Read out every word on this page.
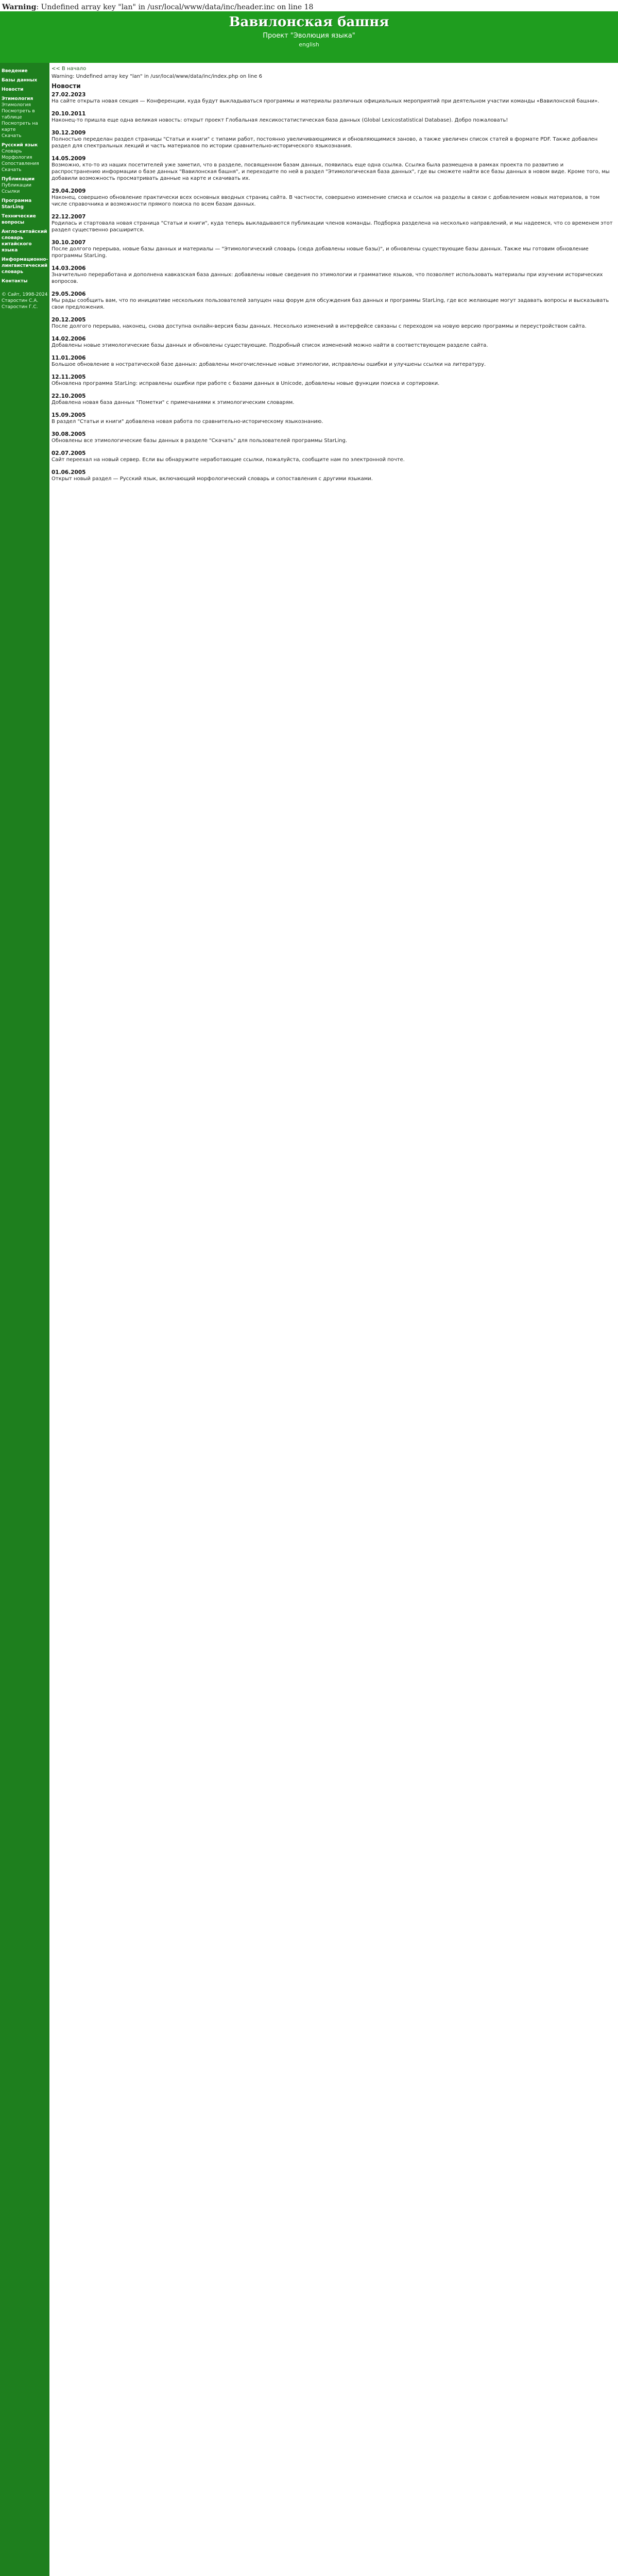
Warning: Undefined array key "lan" in /usr/local/www/data/inc/header.inc on line 18
Вавилонская башня
Проект "Эволюция языка"
english
Введение
Базы данных
Новости
Этимология
Этимология
Посмотреть в таблице
Посмотреть на карте
Скачать
Русский язык
Словарь
Морфология
Сопоставления
Скачать
Публикации
Публикации
Ссылки
Программа StarLing
Технические вопросы
Англо-китайский словарь китайского языка
Информационно-лингвистический словарь
Контакты
© Сайт, 1998-2024
Старостин С.А.
Старостин Г.С.
<< В начало
Warning: Undefined array key "lan" in /usr/local/www/data/inc/index.php on line 6
Новости
27.02.2023
На сайте открыта новая секция — Конференции, куда будут выкладываться программы и материалы различных официальных мероприятий при деятельном участии команды «Вавилонской башни».
20.10.2011
Наконец-то пришла еще одна великая новость: открыт проект Глобальная лексикостатистическая база данных (Global Lexicostatistical Database). Добро пожаловать!
30.12.2009
Полностью переделан раздел страницы "Статьи и книги" с типами работ, постоянно увеличивающимися и обновляющимися заново, а также увеличен список статей в формате PDF. Также добавлен раздел для спектральных лекций и часть материалов по истории сравнительно-исторического языкознания.
14.05.2009
Возможно, кто-то из наших посетителей уже заметил, что в разделе, посвященном базам данных, появилась еще одна ссылка. Ссылка была размещена в рамках проекта по развитию и распространению информации о базе данных "Вавилонская башня", и переходите по ней в раздел "Этимологическая база данных", где вы сможете найти все базы данных в новом виде. Кроме того, мы добавили возможность просматривать данные на карте и скачивать их.
29.04.2009
Наконец, совершено обновление практически всех основных вводных страниц сайта. В частности, совершено изменение списка и ссылок на разделы в связи с добавлением новых материалов, в том числе справочника и возможности прямого поиска по всем базам данных.
22.12.2007
Родилась и стартовала новая страница "Статьи и книги", куда теперь выкладываются публикации членов команды. Подборка разделена на несколько направлений, и мы надеемся, что со временем этот раздел существенно расширится.
30.10.2007
После долгого перерыва, новые базы данных и материалы — "Этимологический словарь (сюда добавлены новые базы)", и обновлены существующие базы данных. Также мы готовим обновление программы StarLing.
14.03.2006
Значительно переработана и дополнена кавказская база данных: добавлены новые сведения по этимологии и грамматике языков, что позволяет использовать материалы при изучении исторических вопросов.
29.05.2006
Мы рады сообщить вам, что по инициативе нескольких пользователей запущен наш форум для обсуждения баз данных и программы StarLing, где все желающие могут задавать вопросы и высказывать свои предложения.
20.12.2005
После долгого перерыва, наконец, снова доступна онлайн-версия базы данных. Несколько изменений в интерфейсе связаны с переходом на новую версию программы и переустройством сайта.
14.02.2006
Добавлены новые этимологические базы данных и обновлены существующие. Подробный список изменений можно найти в соответствующем разделе сайта.
11.01.2006
Большое обновление в ностратической базе данных: добавлены многочисленные новые этимологии, исправлены ошибки и улучшены ссылки на литературу.
12.11.2005
Обновлена программа StarLing: исправлены ошибки при работе с базами данных в Unicode, добавлены новые функции поиска и сортировки.
22.10.2005
Добавлена новая база данных "Пометки" с примечаниями к этимологическим словарям.
15.09.2005
В раздел "Статьи и книги" добавлена новая работа по сравнительно-историческому языкознанию.
30.08.2005
Обновлены все этимологические базы данных в разделе "Скачать" для пользователей программы StarLing.
02.07.2005
Сайт переехал на новый сервер. Если вы обнаружите неработающие ссылки, пожалуйста, сообщите нам по электронной почте.
01.06.2005
Открыт новый раздел — Русский язык, включающий морфологический словарь и сопоставления с другими языками.
